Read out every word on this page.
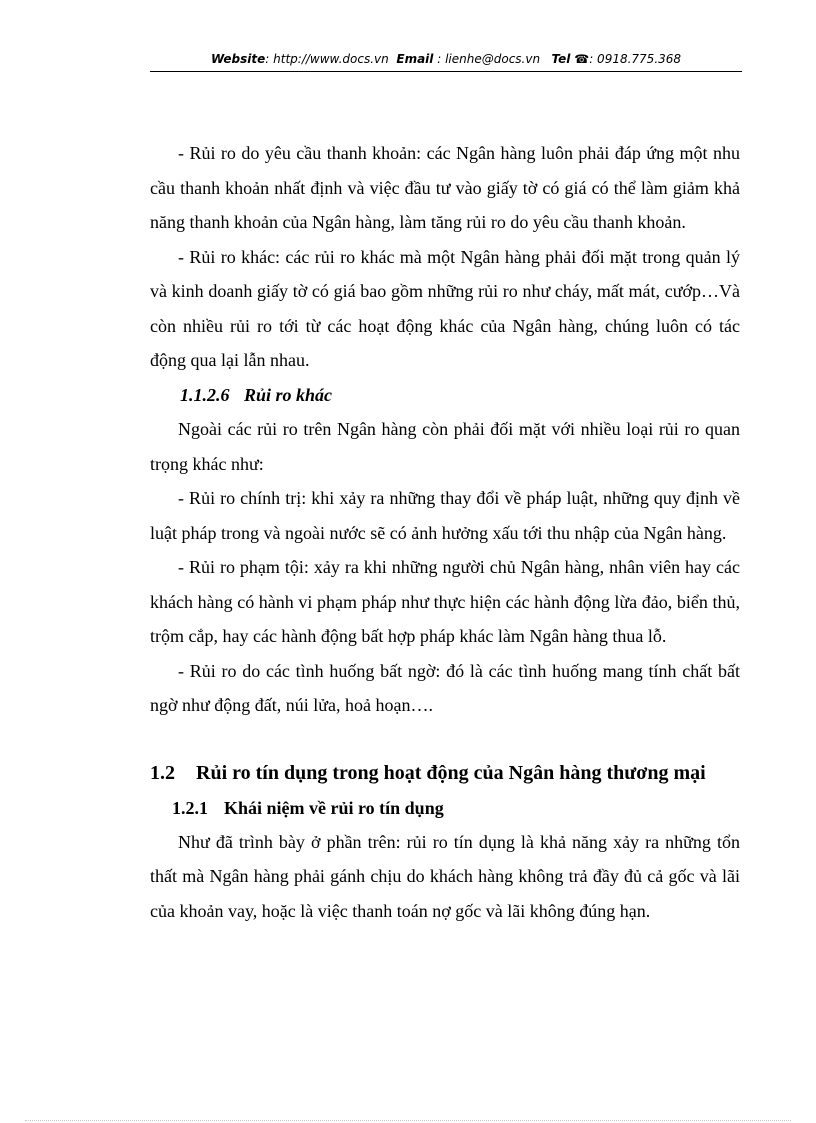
Website: http://www.docs.vn Email : lienhe@docs.vn Tel ☎: 0918.775.368

- Rủi ro do yêu cầu thanh khoản: các Ngân hàng luôn phải đáp ứng một nhu cầu thanh khoản nhất định và việc đầu tư vào giấy tờ có giá có thể làm giảm khả năng thanh khoản của Ngân hàng, làm tăng rủi ro do yêu cầu thanh khoản.

- Rủi ro khác: các rủi ro khác mà một Ngân hàng phải đối mặt trong quản lý và kinh doanh giấy tờ có giá bao gồm những rủi ro như cháy, mất mát, cướp…Và còn nhiều rủi ro tới từ các hoạt động khác của Ngân hàng, chúng luôn có tác động qua lại lẫn nhau.

1.1.2.6 Rủi ro khác

Ngoài các rủi ro trên Ngân hàng còn phải đối mặt với nhiều loại rủi ro quan trọng khác như:

- Rủi ro chính trị: khi xảy ra những thay đổi về pháp luật, những quy định về luật pháp trong và ngoài nước sẽ có ảnh hưởng xấu tới thu nhập của Ngân hàng.

- Rủi ro phạm tội: xảy ra khi những người chủ Ngân hàng, nhân viên hay các khách hàng có hành vi phạm pháp như thực hiện các hành động lừa đảo, biển thủ, trộm cắp, hay các hành động bất hợp pháp khác làm Ngân hàng thua lỗ.

- Rủi ro do các tình huống bất ngờ: đó là các tình huống mang tính chất bất ngờ như động đất, núi lửa, hoả hoạn….

1.2 Rủi ro tín dụng trong hoạt động của Ngân hàng thương mại

1.2.1 Khái niệm về rủi ro tín dụng

Như đã trình bày ở phần trên: rủi ro tín dụng là khả năng xảy ra những tổn thất mà Ngân hàng phải gánh chịu do khách hàng không trả đầy đủ cả gốc và lãi của khoản vay, hoặc là việc thanh toán nợ gốc và lãi không đúng hạn.
